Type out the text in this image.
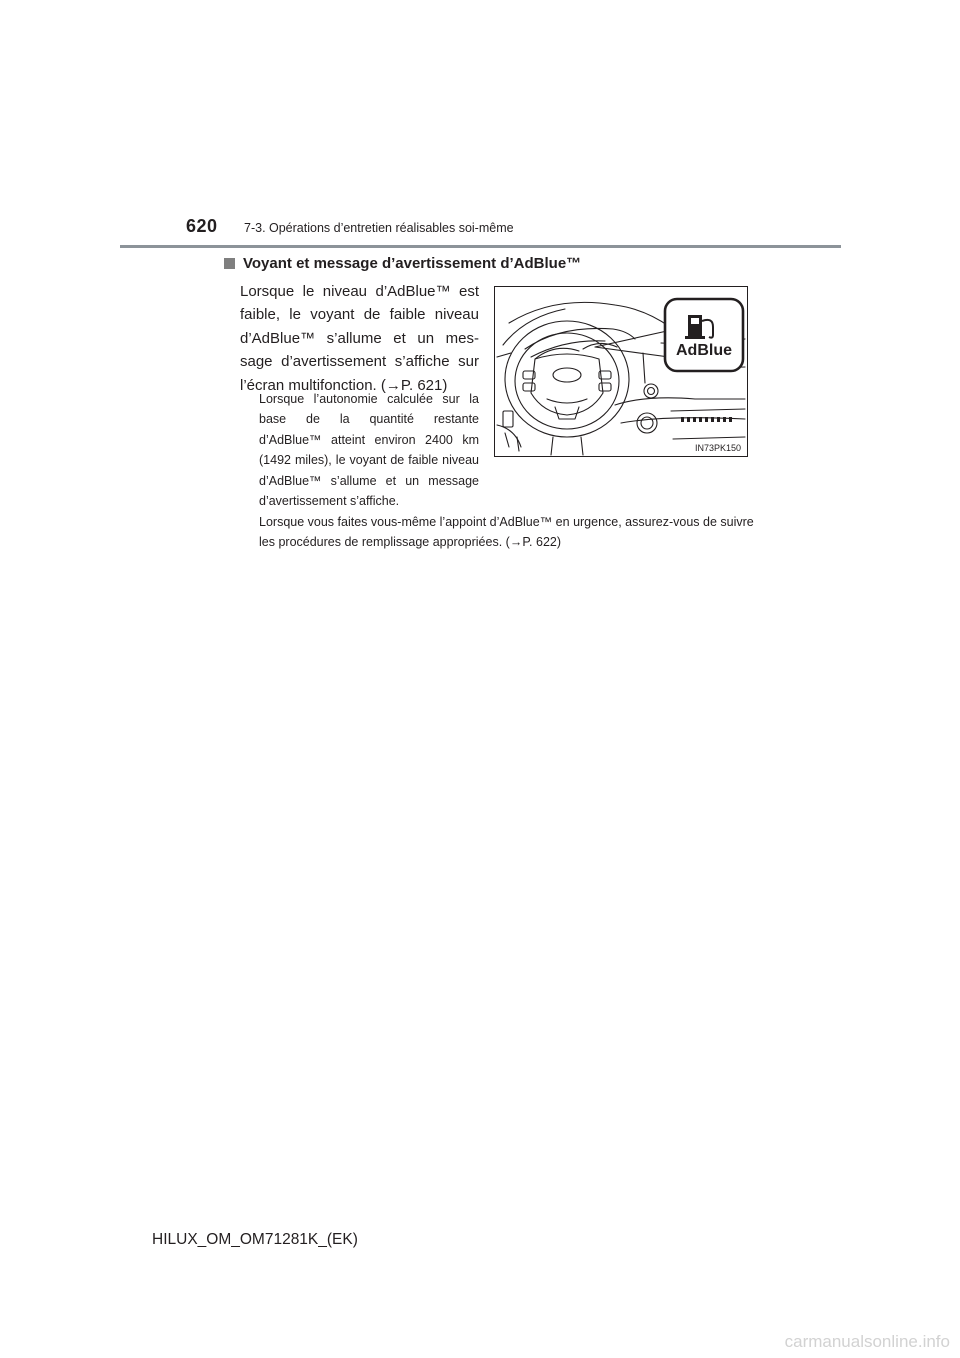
620 7-3. Opérations d’entretien réalisables soi-même
Voyant et message d’avertissement d’AdBlue™
Lorsque le niveau d’AdBlue™ est faible, le voyant de faible niveau d’AdBlue™ s’allume et un mes-sage d’avertissement s’affiche sur l’écran multifonction. (→P. 621)
Lorsque l’autonomie calculée sur la base de la quantité restante d’AdBlue™ atteint environ 2400 km (1492 miles), le voyant de faible niveau d’AdBlue™ s’allume et un message d’avertissement s’affiche.
Lorsque vous faites vous-même l’appoint d’AdBlue™ en urgence, assurez-vous de suivre les procédures de remplissage appropriées. (→P. 622)
AdBlue
IN73PK150
HILUX_OM_OM71281K_(EK)
carmanualsonline.info
